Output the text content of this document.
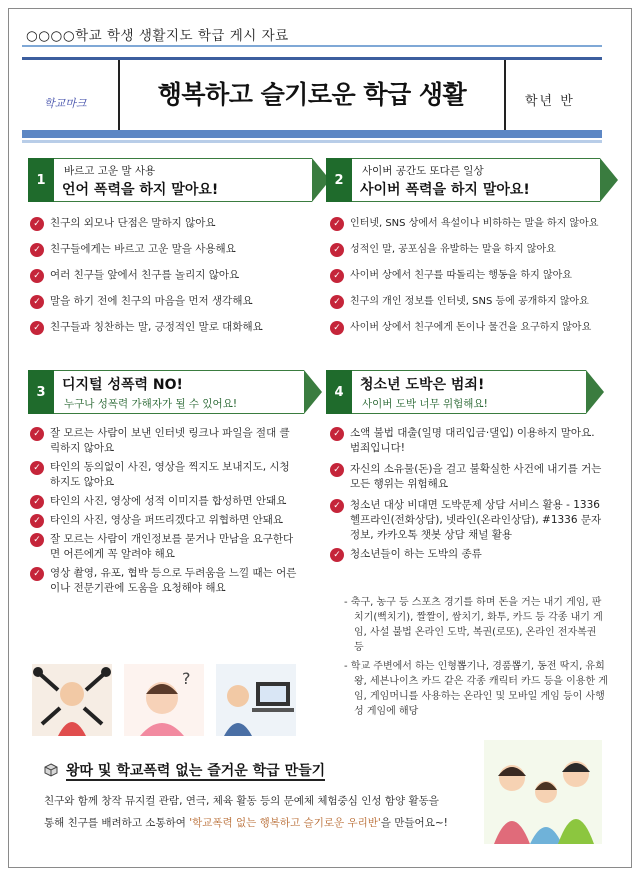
○○○○학교 학생 생활지도 학급 게시 자료
학교마크	행복하고 슬기로운 학급 생활	학년 반
1
바르고 고운 말 사용
언어 폭력을 하지 말아요!
✓ 친구의 외모나 단점은 말하지 않아요
✓ 친구들에게는 바르고 고운 말을 사용해요
✓ 여러 친구들 앞에서 친구를 놀리지 않아요
✓ 말을 하기 전에 친구의 마음을 먼저 생각해요
✓ 친구들과 칭찬하는 말, 긍정적인 말로 대화해요
2
사이버 공간도 또다른 일상
사이버 폭력을 하지 말아요!
✓ 인터넷, SNS 상에서 욕설이나 비하하는 말을 하지 않아요
✓ 성적인 말, 공포심을 유발하는 말을 하지 않아요
✓ 사이버 상에서 친구를 따돌리는 행동을 하지 않아요
✓ 친구의 개인 정보를 인터넷, SNS 등에 공개하지 않아요
✓ 사이버 상에서 친구에게 돈이나 물건을 요구하지 않아요
3	디지털 성폭력 NO!
누구나 성폭력 가해자가 될 수 있어요!
✓ 잘 모르는 사람이 보낸 인터넷 링크나 파일을 절대 클릭하지 않아요
✓ 타인의 동의없이 사진, 영상을 찍지도 보내지도, 시청하지도 않아요
✓ 타인의 사진, 영상에 성적 이미지를 합성하면 안돼요
✓ 타인의 사진, 영상을 퍼뜨리겠다고 위협하면 안돼요
✓ 잘 모르는 사람이 개인정보를 묻거나 만남을 요구한다면 어른에게 꼭 알려야 해요
✓ 영상 촬영, 유포, 협박 등으로 두려움을 느낄 때는 어른이나 전문기관에 도움을 요청해야 해요
?
4	청소년 도박은 범죄!
사이버 도박 너무 위험해요!
✓ 소액 불법 대출(일명 대리입금·댈입) 이용하지 말아요. 범죄입니다!
✓ 자신의 소유물(돈)을 걸고 불확실한 사건에 내기를 거는 모든 행위는 위험해요
✓ 청소년 대상 비대면 도박문제 상담 서비스 활용 - 1336 헬프라인(전화상담), 넷라인(온라인상담), #1336 문자 정보, 카카오톡 챗봇 상담 채널 활용
✓ 청소년들이 하는 도박의 종류
- 축구, 농구 등 스포츠 경기를 하며 돈을 거는 내기 게임, 판치기(뻑치기), 짤짤이, 쌈치기, 화투, 카드 등 각종 내기 게임, 사설 불법 온라인 도박, 복권(로또), 온라인 전자복권 등
- 학교 주변에서 하는 인형뽑기나, 경품뽑기, 동전 딱지, 유희왕, 세븐나이츠 카드 같은 각종 캐릭터 카드 등을 이용한 게임, 게임머니를 사용하는 온라인 및 모바일 게임 등이 사행성 게임에 해당
왕따 및 학교폭력 없는 즐거운 학급 만들기
친구와 함께 창작 뮤지컬 관람, 연극, 체육 활동 등의 문예체 체험중심 인성 함양 활동을
통해 친구를 배려하고 소통하여 '학교폭력 없는 행복하고 슬기로운 우리반'을 만들어요~!
